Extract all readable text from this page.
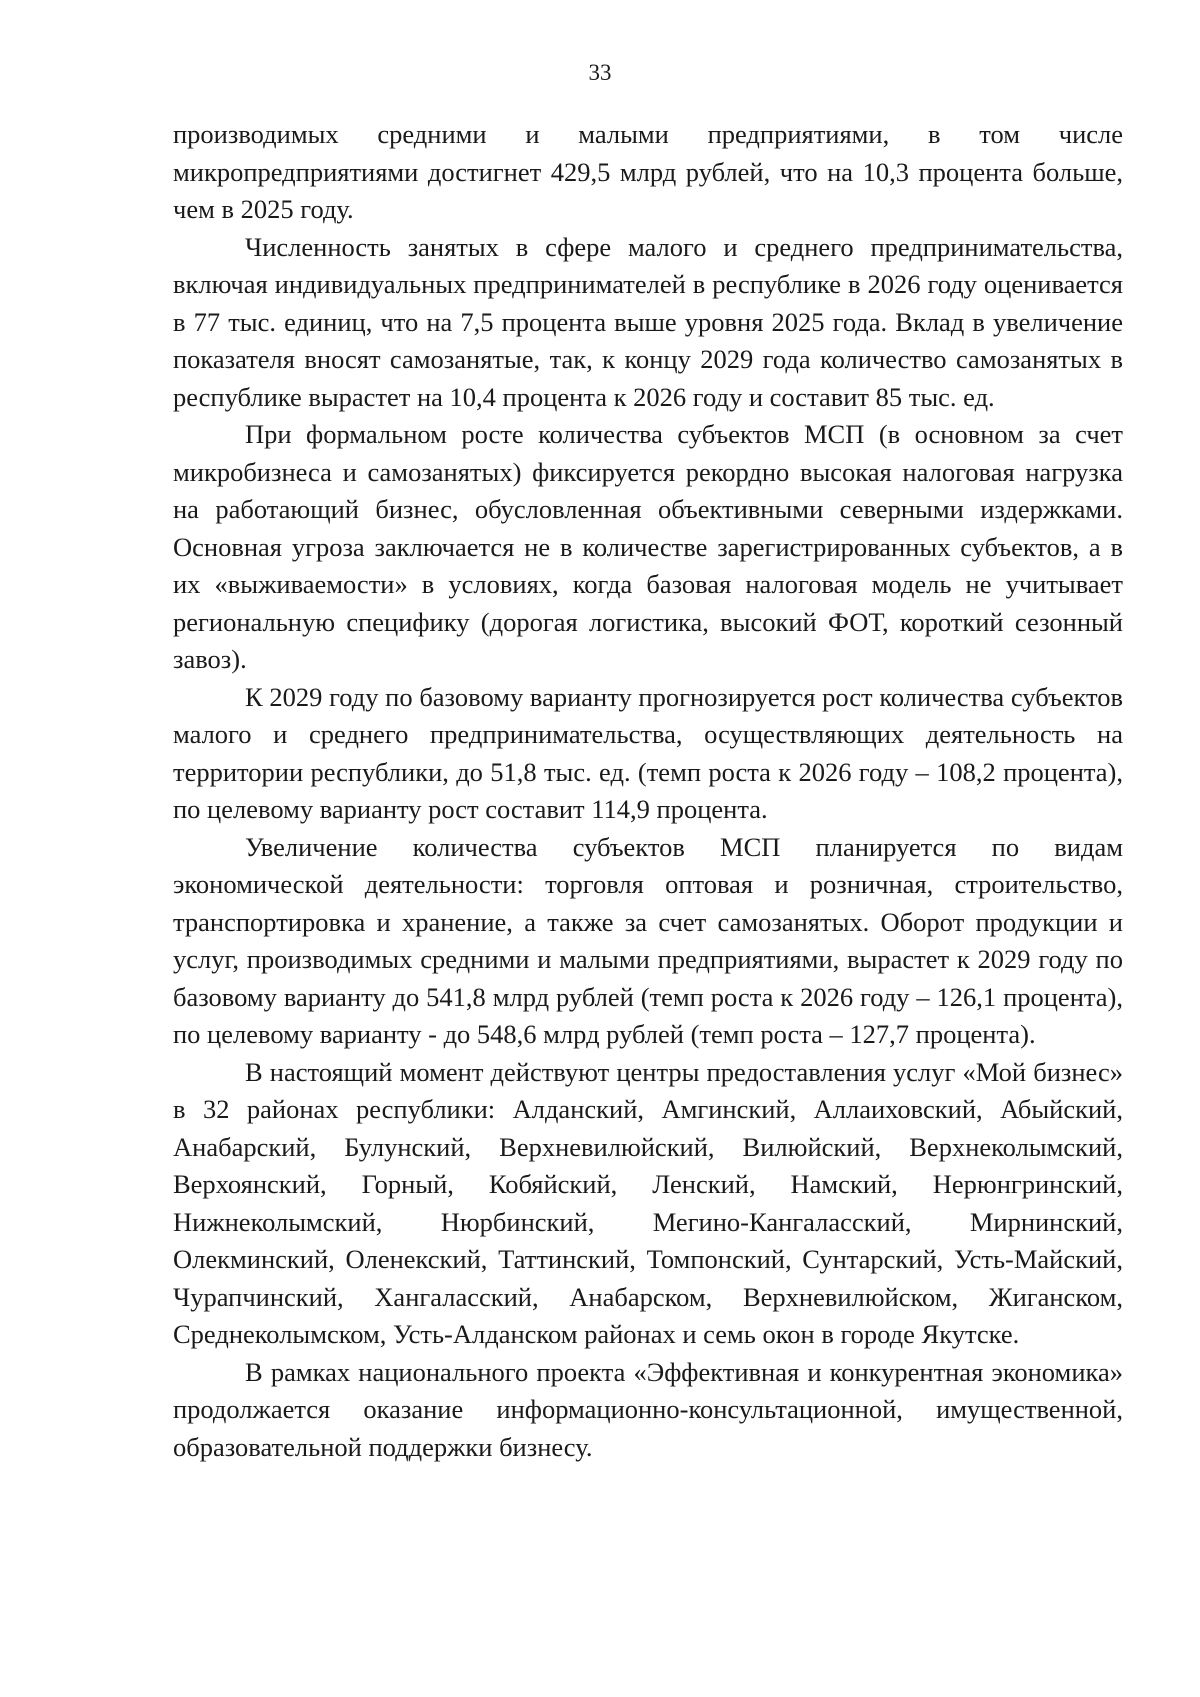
33

производимых средними и малыми предприятиями, в том числе микропредприятиями достигнет 429,5 млрд рублей, что на 10,3 процента больше, чем в 2025 году.

Численность занятых в сфере малого и среднего предпринимательства, включая индивидуальных предпринимателей в республике в 2026 году оценивается в 77 тыс. единиц, что на 7,5 процента выше уровня 2025 года. Вклад в увеличение показателя вносят самозанятые, так, к концу 2029 года количество самозанятых в республике вырастет на 10,4 процента к 2026 году и составит 85 тыс. ед.

При формальном росте количества субъектов МСП (в основном за счет микробизнеса и самозанятых) фиксируется рекордно высокая налоговая нагрузка на работающий бизнес, обусловленная объективными северными издержками. Основная угроза заключается не в количестве зарегистрированных субъектов, а в их «выживаемости» в условиях, когда базовая налоговая модель не учитывает региональную специфику (дорогая логистика, высокий ФОТ, короткий сезонный завоз).

К 2029 году по базовому варианту прогнозируется рост количества субъектов малого и среднего предпринимательства, осуществляющих деятельность на территории республики, до 51,8 тыс. ед. (темп роста к 2026 году – 108,2 процента), по целевому варианту рост составит 114,9 процента.

Увеличение количества субъектов МСП планируется по видам экономической деятельности: торговля оптовая и розничная, строительство, транспортировка и хранение, а также за счет самозанятых. Оборот продукции и услуг, производимых средними и малыми предприятиями, вырастет к 2029 году по базовому варианту до 541,8 млрд рублей (темп роста к 2026 году – 126,1 процента), по целевому варианту - до 548,6 млрд рублей (темп роста – 127,7 процента).

В настоящий момент действуют центры предоставления услуг «Мой бизнес» в 32 районах республики: Алданский, Амгинский, Аллаиховский, Абыйский, Анабарский, Булунский, Верхневилюйский, Вилюйский, Верхнеколымский, Верхоянский, Горный, Кобяйский, Ленский, Намский, Нерюнгринский, Нижнеколымский, Нюрбинский, Мегино-Кангаласский, Мирнинский, Олекминский, Оленекский, Таттинский, Томпонский, Сунтарский, Усть-Майский, Чурапчинский, Хангаласский, Анабарском, Верхневилюйском, Жиганском, Среднеколымском, Усть-Алданском районах и семь окон в городе Якутске.

В рамках национального проекта «Эффективная и конкурентная экономика» продолжается оказание информационно-консультационной, имущественной, образовательной поддержки бизнесу.
